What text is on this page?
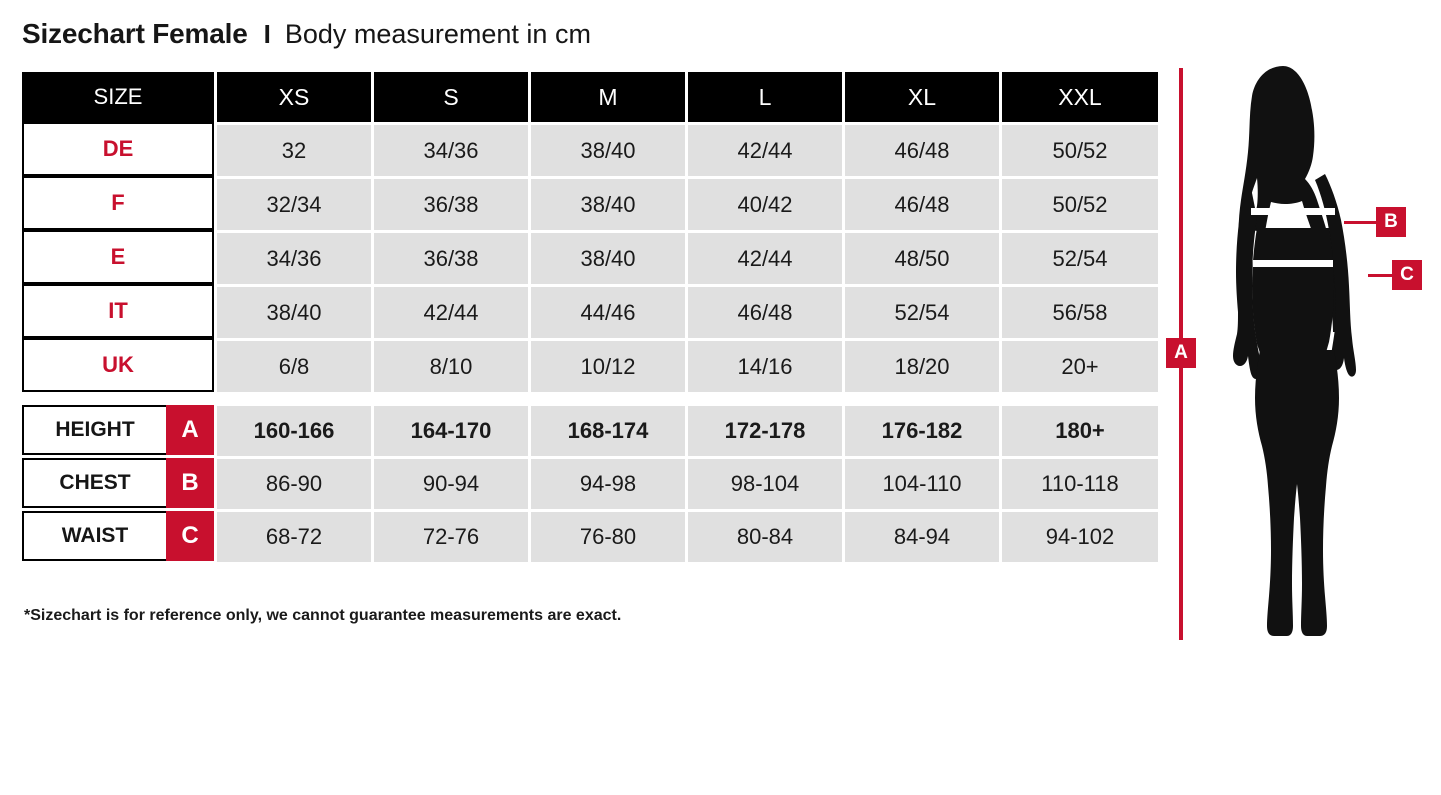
Sizechart Female I Body measurement in cm
SIZE	XS	S	M	L	XL	XXL
DE	32	34/36	38/40	42/44	46/48	50/52
F	32/34	36/38	38/40	40/42	46/48	50/52
E	34/36	36/38	38/40	42/44	48/50	52/54
IT	38/40	42/44	44/46	46/48	52/54	56/58
UK	6/8	8/10	10/12	14/16	18/20	20+

HEIGHT A	160-166	164-170	168-174	172-178	176-182	180+

CHEST B	86-90	90-94	94-98	98-104	104-110	110-118

WAIST C	68-72	72-76	76-80	80-84	84-94	94-102
*Sizechart is for reference only, we cannot guarantee measurements are exact.
A
B
C
